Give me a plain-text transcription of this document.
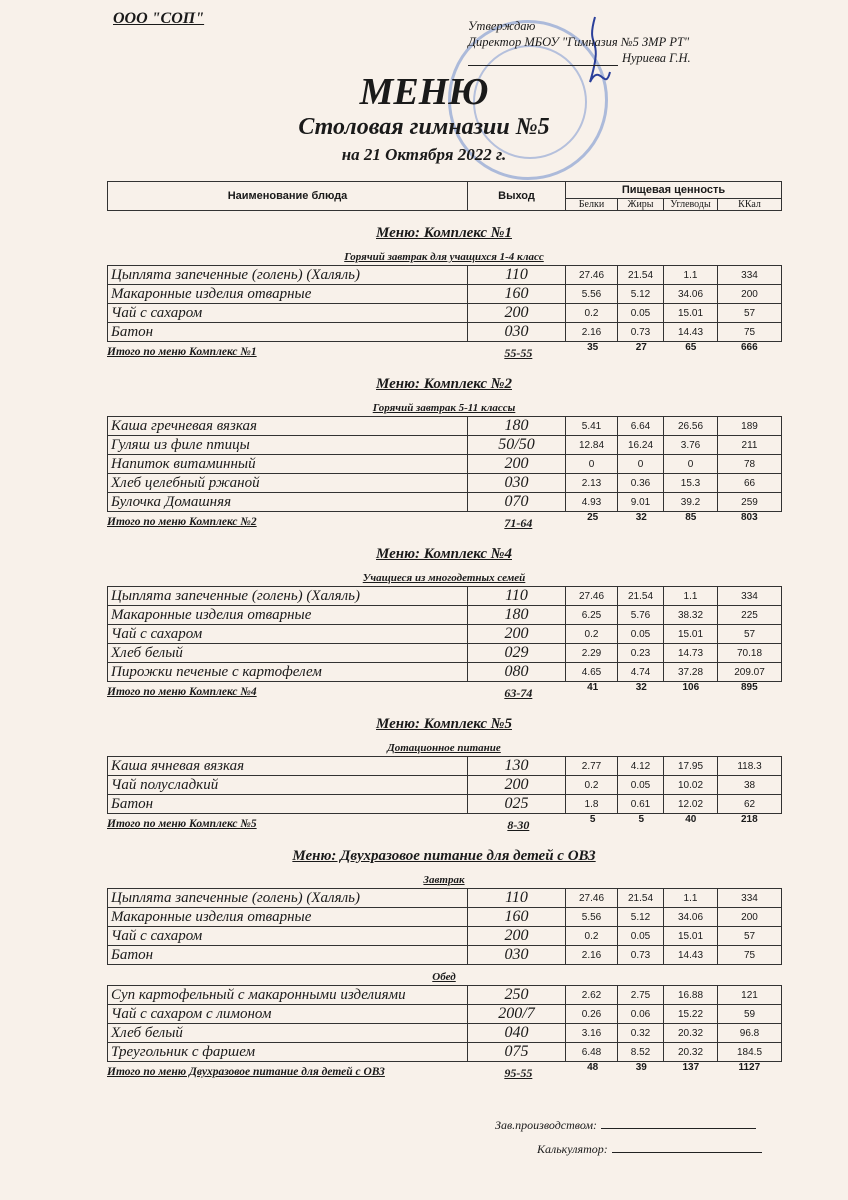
ООО "СОП"	Утверждаю
Директор МБОУ "Гимназия №5 ЗМР РТ"
Нуриева Г.Н.
МЕНЮ
Столовая гимназии №5
на 21 Октября 2022 г.
Наименование блюда	Выход	Пищевая ценность			
		Белки	Жиры	Углеводы	ККал
Меню: Комплекс №1
Горячий завтрак для учащихся 1-4 класс
Цыплята запеченные (голень) (Халяль)	110	27.46	21.54	1.1	334
Макаронные изделия отварные	160	5.56	5.12	34.06	200
Чай с сахаром	200	0.2	0.05	15.01	57
Батон	030	2.16	0.73	14.43	75
Итого по меню Комплекс №1	55-55	35	27	65	666
Меню: Комплекс №2
Горячий завтрак 5-11 классы
Каша гречневая вязкая	180	5.41	6.64	26.56	189
Гуляш из филе птицы	50/50	12.84	16.24	3.76	211
Напиток витаминный	200	0	0	0	78
Хлеб целебный ржаной	030	2.13	0.36	15.3	66
Булочка Домашняя	070	4.93	9.01	39.2	259
Итого по меню Комплекс №2	71-64	25	32	85	803
Меню: Комплекс №4
Учащиеся из многодетных семей
Цыплята запеченные (голень) (Халяль)	110	27.46	21.54	1.1	334
Макаронные изделия отварные	180	6.25	5.76	38.32	225
Чай с сахаром	200	0.2	0.05	15.01	57
Хлеб белый	029	2.29	0.23	14.73	70.18
Пирожки печеные с картофелем	080	4.65	4.74	37.28	209.07
Итого по меню Комплекс №4	63-74	41	32	106	895
Меню: Комплекс №5
Дотационное питание
Каша ячневая вязкая	130	2.77	4.12	17.95	118.3
Чай полусладкий	200	0.2	0.05	10.02	38
Батон	025	1.8	0.61	12.02	62
Итого по меню Комплекс №5	8-30	5	5	40	218
Меню: Двухразовое питание для детей с ОВЗ
Завтрак
Цыплята запеченные (голень) (Халяль)	110	27.46	21.54	1.1	334
Макаронные изделия отварные	160	5.56	5.12	34.06	200
Чай с сахаром	200	0.2	0.05	15.01	57
Батон	030	2.16	0.73	14.43	75
Обед
Суп картофельный с макаронными изделиями	250	2.62	2.75	16.88	121
Чай с сахаром с лимоном	200/7	0.26	0.06	15.22	59
Хлеб белый	040	3.16	0.32	20.32	96.8
Треугольник с фаршем	075	6.48	8.52	20.32	184.5
Итого по меню Двухразовое питание для детей с ОВЗ	95-55	48	39	137	1127
Зав.производством:
Калькулятор:
